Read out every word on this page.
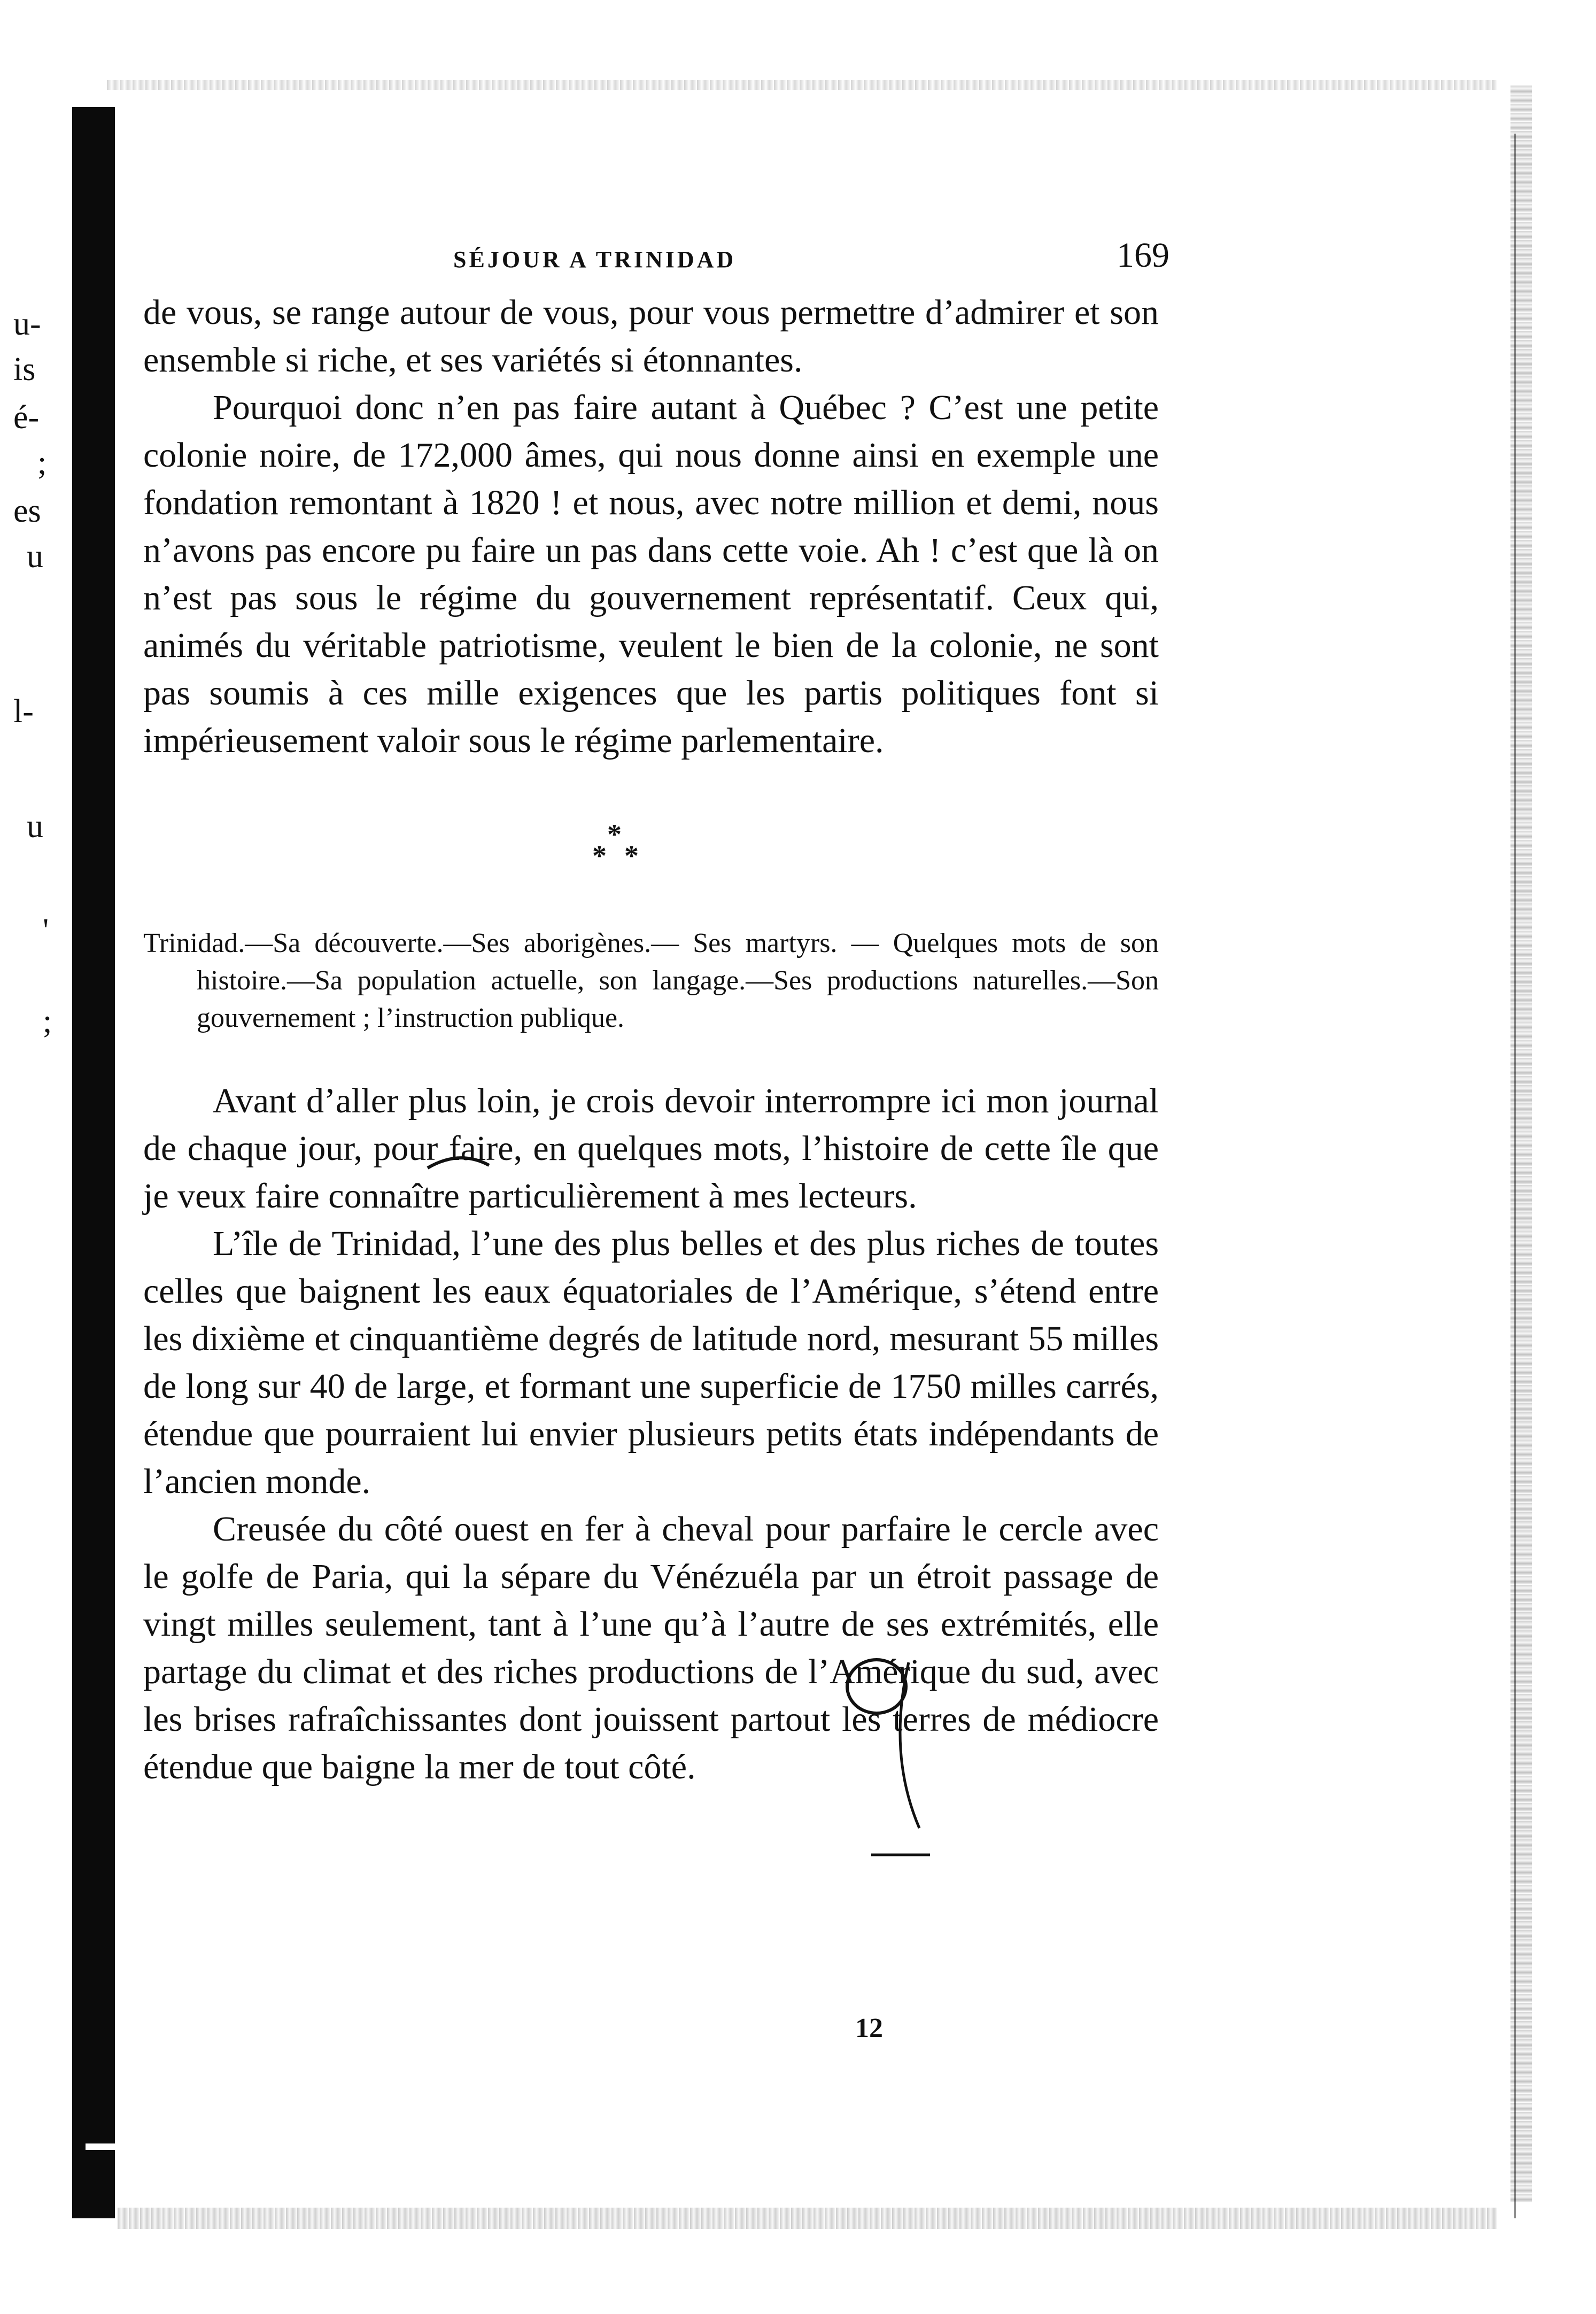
u-
is
é-
;
es
u
l-
u
'
;
SÉJOUR A TRINIDAD	169

de vous, se range autour de vous, pour vous permettre d’admirer et son ensemble si riche, et ses variétés si étonnantes.

Pourquoi donc n’en pas faire autant à Québec ? C’est une petite colonie noire, de 172,000 âmes, qui nous donne ainsi en exemple une fondation remontant à 1820 ! et nous, avec notre million et demi, nous n’avons pas encore pu faire un pas dans cette voie. Ah ! c’est que là on n’est pas sous le régime du gouvernement représentatif. Ceux qui, animés du véritable patriotisme, veulent le bien de la colonie, ne sont pas soumis à ces mille exigences que les partis politiques font si impérieusement valoir sous le régime parlementaire.

*
* *

Trinidad.—Sa découverte.—Ses aborigènes.— Ses martyrs. — Quelques mots de son histoire.—Sa population actuelle, son langage.—Ses productions naturelles.—Son gouvernement ; l’instruction publique.

Avant d’aller plus loin, je crois devoir interrompre ici mon journal de chaque jour, pour faire, en quelques mots, l’histoire de cette île que je veux faire connaître particulièrement à mes lecteurs.

L’île de Trinidad, l’une des plus belles et des plus riches de toutes celles que baignent les eaux équatoriales de l’Amérique, s’étend entre les dixième et cinquantième degrés de latitude nord, mesurant 55 milles de long sur 40 de large, et formant une superficie de 1750 milles carrés, étendue que pourraient lui envier plusieurs petits états indépendants de l’ancien monde.

Creusée du côté ouest en fer à cheval pour parfaire le cercle avec le golfe de Paria, qui la sépare du Vénézuéla par un étroit passage de vingt milles seulement, tant à l’une qu’à l’autre de ses extrémités, elle partage du climat et des riches productions de l’Amérique du sud, avec les brises rafraîchissantes dont jouissent partout les terres de médiocre étendue que baigne la mer de tout côté.

12
